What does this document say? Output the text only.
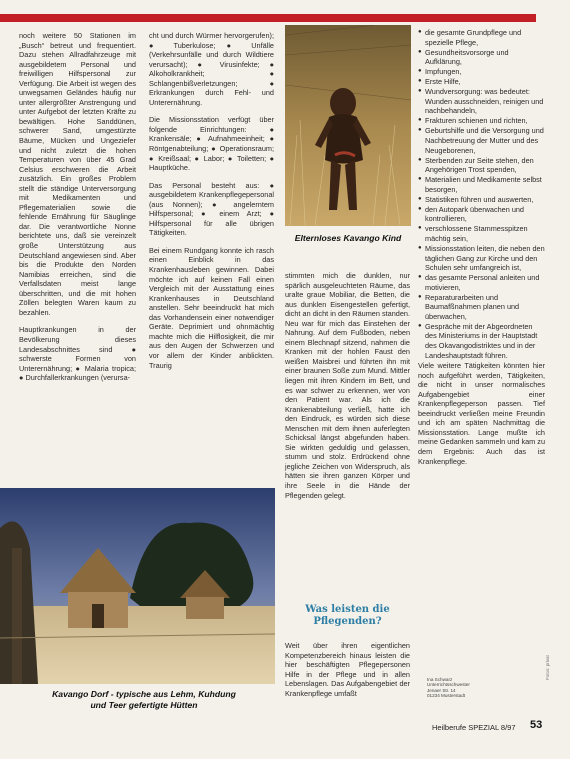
noch weitere 50 Stationen im „Busch“ betreut und frequentiert. Dazu stehen Allradfahrzeuge mit ausgebildetem Personal und freiwilligen Hilfspersonal zur Verfügung. Die Arbeit ist wegen des unwegsamen Geländes häufig nur unter allergrößter Anstrengung und unter Aufgebot der letzten Kräfte zu bewältigen. Hohe Sanddünen, schwerer Sand, umgestürzte Bäume, Mücken und Ungeziefer und nicht zuletzt die hohen Temperaturen von über 45 Grad Celsius erschweren die Arbeit zusätzlich. Ein großes Problem stellt die ständige Unterversorgung mit Medikamenten und Pflegematerialien sowie die fehlende Ernährung für Säuglinge dar. Die verantwortliche Nonne berichtete uns, daß sie vereinzelt große Unterstützung aus Deutschland angewiesen sind. Aber bis die Produkte den Norden Namibias erreichen, sind die Verfallsdaten meist lange überschritten, und die mit hohen Zöllen belegten Waren kaum zu bezahlen.

Hauptkrankungen in der Bevölkerung dieses Landesabschnittes sind ● schwerste Formen von Unterernährung; ● Malaria tropica; ● Durchfallerkrankungen (verursa-

cht und durch Würmer hervorgerufen); ● Tuberkulose; ● Unfälle (Verkehrsunfälle und durch Wildtiere verursacht); ● Virusinfekte; ● Alkoholkrankheit; ● Schlangenbißverletzungen; ● Erkrankungen durch Fehl- und Unterernährung.

Die Missionsstation verfügt über folgende Einrichtungen: ● Krankensäle; ● Aufnahmeeinheit; ● Röntgenabteilung; ● Operationsraum; ● Kreißsaal; ● Labor; ● Toiletten; ● Hauptküche.

Das Personal besteht aus: ● ausgebildetem Krankenpflegepersonal (aus Nonnen); ● angelerntem Hilfspersonal; ● einem Arzt; ● Hilfspersonal für alle übrigen Tätigkeiten.

Bei einem Rundgang konnte ich rasch einen Einblick in das Krankenhausleben gewinnen. Dabei möchte ich auf keinen Fall einen Vergleich mit der Ausstattung eines Krankenhauses in Deutschland anstellen. Sehr beeindruckt hat mich das Vorhandensein einer notwendiger Geräte. Deprimiert und ohnmächtig machte mich die Hilflosigkeit, die mir aus den Augen der Schwerzen und vor allem der Kinder anblickten. Traurig

Elternloses Kavango Kind

stimmten mich die dunklen, nur spärlich ausgeleuchteten Räume, das uralte graue Mobiliar, die Betten, die aus dunklen Eisengestellen gefertigt, dicht an dicht in den Räumen standen. Neu war für mich das Einstehen der Nahrung. Auf dem Fußboden, neben einem Blechnapf sitzend, nahmen die Kranken mit der hohlen Faust den weißen Maisbrei und führten ihn mit einer braunen Soße zum Mund. Mittler liegen mit ihren Kindern im Bett, und es war schwer zu erkennen, wer von den Patient war. Als ich die Krankenabteilung verließ, hatte ich den Eindruck, es würden sich diese Menschen mit dem ihnen auferlegten Schicksal längst abgefunden haben. Sie wirkten geduldig und gelassen, stumm und stolz. Erdrückend ohne jegliche Zeichen von Widerspruch, als hätten sie ihren ganzen Körper und ihre Seele in die Hände der Pflegenden gelegt.

Was leisten die Pflegenden?
Weit über ihren eigentlichen Kompetenzbereich hinaus leisten die hier beschäftigten Pflegepersonen Hilfe in der Pflege und in allen Lebenslagen. Das Aufgabengebiet der Krankenpflege umfaßt

● die gesamte Grundpflege und spezielle Pflege,

● Gesundheitsvorsorge und Aufklärung,

● Impfungen,

● Erste Hilfe,

● Wundversorgung: was bedeutet: Wunden ausschneiden, reinigen und nachbehandeln,

● Frakturen schienen und richten,

● Geburtshilfe und die Versorgung und Nachbetreuung der Mutter und des Neugeborenen,

● Sterbenden zur Seite stehen, den Angehörigen Trost spenden,

● Materialien und Medikamente selbst besorgen,

● Statistiken führen und auswerten,

● den Autopark überwachen und kontrollieren,

● verschlossene Stammesspitzen mächtig sein,

● Missionsstation leiten, die neben den täglichen Gang zur Kirche und den Schulen sehr umfangreich ist,

● das gesamte Personal anleiten und motivieren,

● Reparaturarbeiten und Baumafßnahmen planen und überwachen,

● Gespräche mit der Abgeordneten des Ministeriums in der Hauptstadt des Okavangodistriktes und in der Landeshauptstadt führen.

Viele weitere Tätigkeiten könnten hier noch aufgeführt werden, Tätigkeiten, die nicht in unser normalisches Aufgabengebiet einer Krankenpflegeperson passen. Tief beeindruckt verließen meine Freundin und ich am späten Nachmittag die Missionsstation. Lange mußte ich meine Gedanken sammeln und kam zu dem Ergebnis: Auch das ist Krankenpflege.

Ina Schwarz
Unterrichtsschwester
Jenaer Str. 14
01234 Musterstadt
Fotos: privat
Kavango Dorf - typische aus Lehm, Kuhdung
und Teer gefertigte Hütten
Heilberufe SPEZIAL 8/97 53
